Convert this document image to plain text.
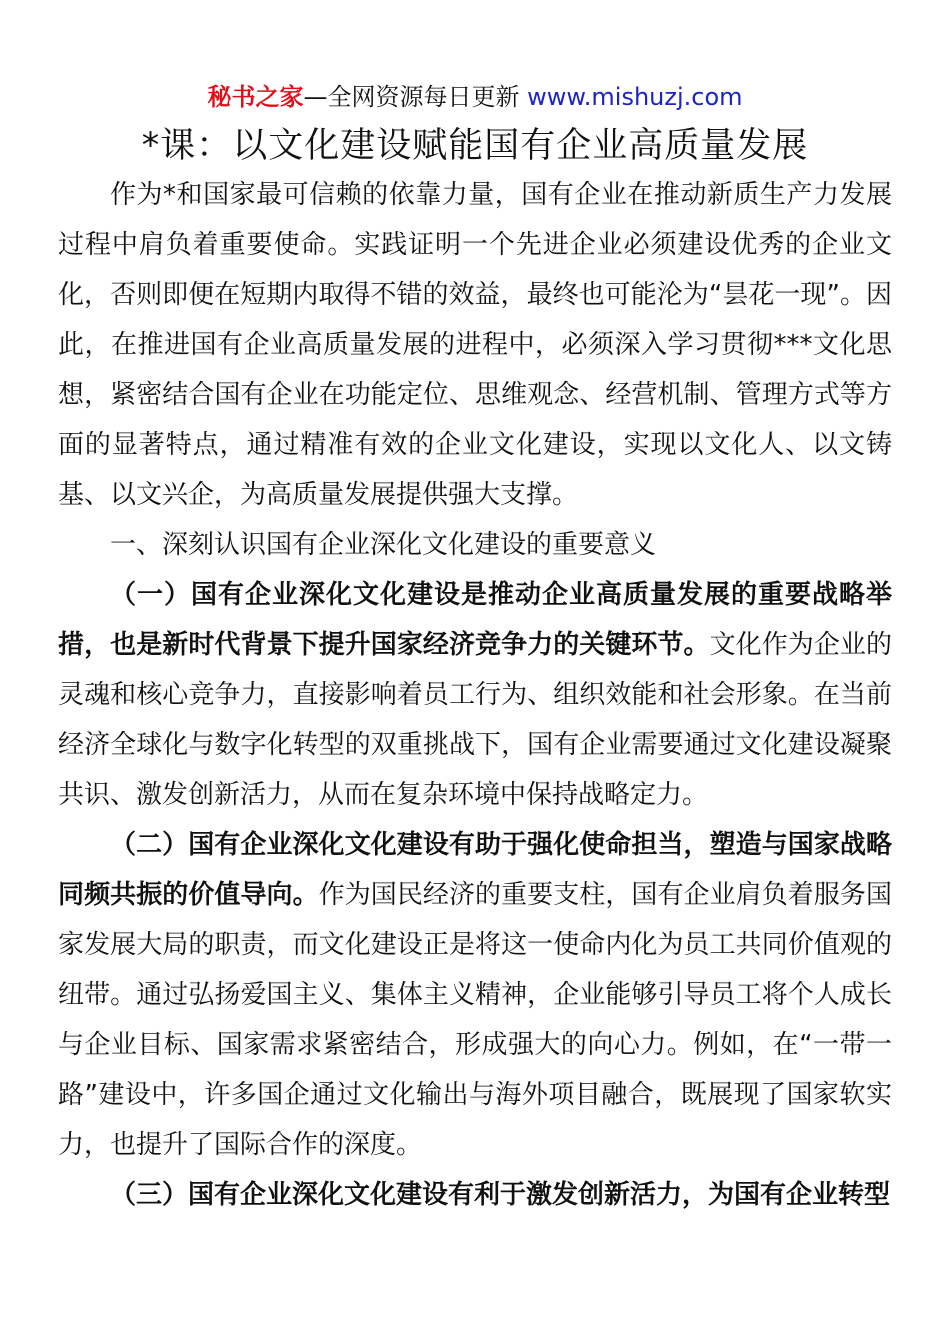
秘书之家—全网资源每日更新 www.mishuzj.com
*课：以文化建设赋能国有企业高质量发展

作为*和国家最可信赖的依靠力量，国有企业在推动新质生产力发展过程中肩负着重要使命。实践证明一个先进企业必须建设优秀的企业文化，否则即便在短期内取得不错的效益，最终也可能沦为“昙花一现”。因此，在推进国有企业高质量发展的进程中，必须深入学习贯彻***文化思想，紧密结合国有企业在功能定位、思维观念、经营机制、管理方式等方面的显著特点，通过精准有效的企业文化建设，实现以文化人、以文铸基、以文兴企，为高质量发展提供强大支撑。

一、深刻认识国有企业深化文化建设的重要意义

（一）国有企业深化文化建设是推动企业高质量发展的重要战略举措，也是新时代背景下提升国家经济竞争力的关键环节。文化作为企业的灵魂和核心竞争力，直接影响着员工行为、组织效能和社会形象。在当前经济全球化与数字化转型的双重挑战下，国有企业需要通过文化建设凝聚共识、激发创新活力，从而在复杂环境中保持战略定力。

（二）国有企业深化文化建设有助于强化使命担当，塑造与国家战略同频共振的价值导向。作为国民经济的重要支柱，国有企业肩负着服务国家发展大局的职责，而文化建设正是将这一使命内化为员工共同价值观的纽带。通过弘扬爱国主义、集体主义精神，企业能够引导员工将个人成长与企业目标、国家需求紧密结合，形成强大的向心力。例如，在“一带一路”建设中，许多国企通过文化输出与海外项目融合，既展现了国家软实力，也提升了国际合作的深度。

（三）国有企业深化文化建设有利于激发创新活力，为国有企业转型
